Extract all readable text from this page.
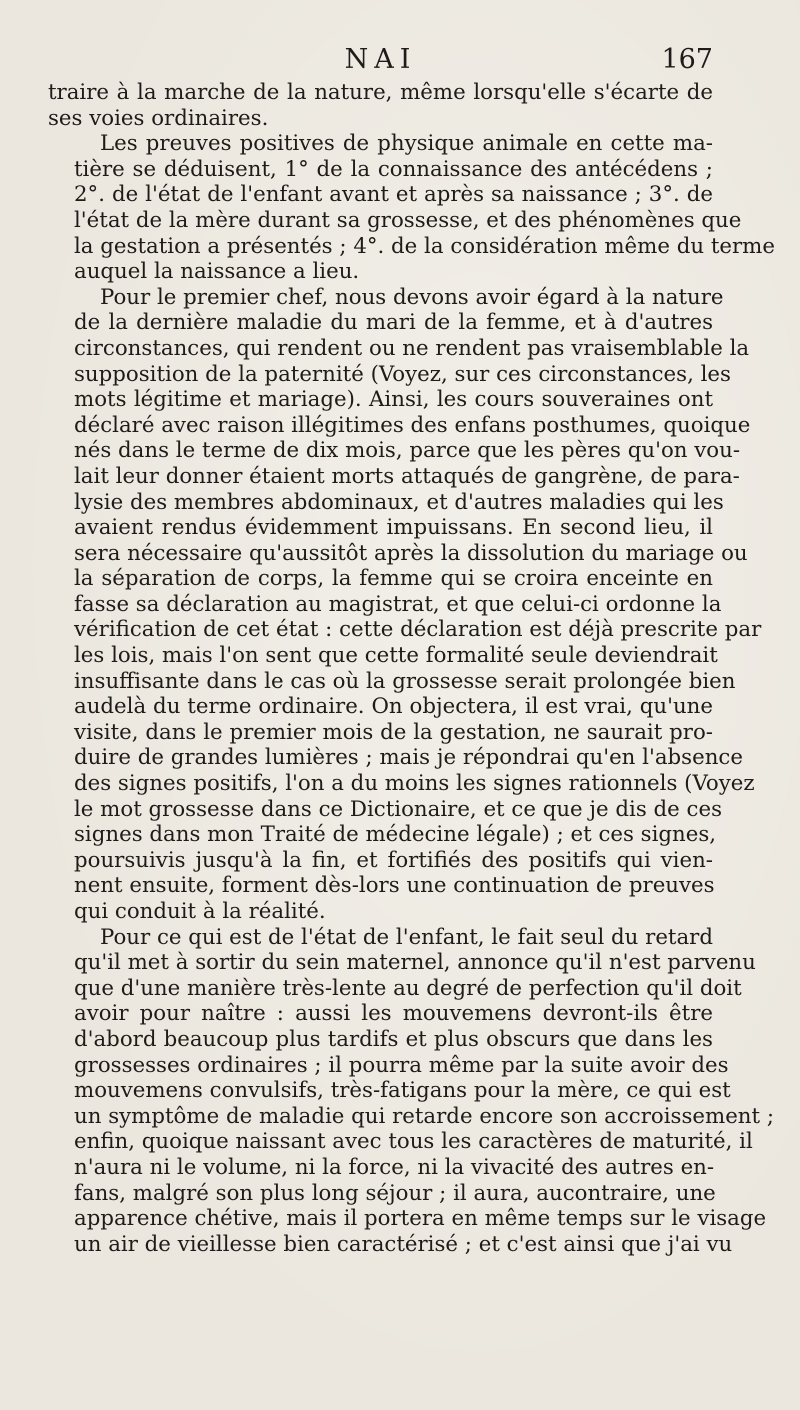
NAI	167

traire à la marche de la nature, même lorsqu'elle s'écarte de
ses voies ordinaires.

Les preuves positives de physique animale en cette ma-
tière se déduisent, 1° de la connaissance des antécédens ;
2°. de l'état de l'enfant avant et après sa naissance ; 3°. de
l'état de la mère durant sa grossesse, et des phénomènes que
la gestation a présentés ; 4°. de la considération même du terme
auquel la naissance a lieu.

Pour le premier chef, nous devons avoir égard à la nature
de la dernière maladie du mari de la femme, et à d'autres
circonstances, qui rendent ou ne rendent pas vraisemblable la
supposition de la paternité (Voyez, sur ces circonstances, les
mots légitime et mariage). Ainsi, les cours souveraines ont
déclaré avec raison illégitimes des enfans posthumes, quoique
nés dans le terme de dix mois, parce que les pères qu'on vou-
lait leur donner étaient morts attaqués de gangrène, de para-
lysie des membres abdominaux, et d'autres maladies qui les
avaient rendus évidemment impuissans. En second lieu, il
sera nécessaire qu'aussitôt après la dissolution du mariage ou
la séparation de corps, la femme qui se croira enceinte en
fasse sa déclaration au magistrat, et que celui-ci ordonne la
vérification de cet état : cette déclaration est déjà prescrite par
les lois, mais l'on sent que cette formalité seule deviendrait
insuffisante dans le cas où la grossesse serait prolongée bien
audelà du terme ordinaire. On objectera, il est vrai, qu'une
visite, dans le premier mois de la gestation, ne saurait pro-
duire de grandes lumières ; mais je répondrai qu'en l'absence
des signes positifs, l'on a du moins les signes rationnels (Voyez
le mot grossesse dans ce Dictionaire, et ce que je dis de ces
signes dans mon Traité de médecine légale) ; et ces signes,
poursuivis jusqu'à la fin, et fortifiés des positifs qui vien-
nent ensuite, forment dès-lors une continuation de preuves
qui conduit à la réalité.

Pour ce qui est de l'état de l'enfant, le fait seul du retard
qu'il met à sortir du sein maternel, annonce qu'il n'est parvenu
que d'une manière très-lente au degré de perfection qu'il doit
avoir pour naître : aussi les mouvemens devront-ils être
d'abord beaucoup plus tardifs et plus obscurs que dans les
grossesses ordinaires ; il pourra même par la suite avoir des
mouvemens convulsifs, très-fatigans pour la mère, ce qui est
un symptôme de maladie qui retarde encore son accroissement ;
enfin, quoique naissant avec tous les caractères de maturité, il
n'aura ni le volume, ni la force, ni la vivacité des autres en-
fans, malgré son plus long séjour ; il aura, aucontraire, une
apparence chétive, mais il portera en même temps sur le visage
un air de vieillesse bien caractérisé ; et c'est ainsi que j'ai vu
